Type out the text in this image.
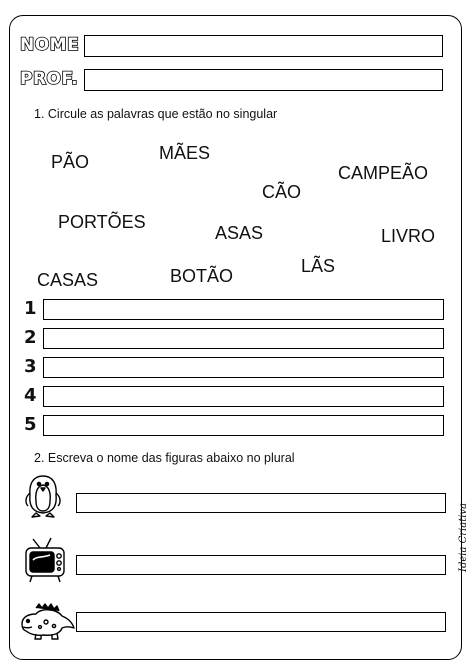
NOME
PROF.
1. Circule as palavras que estão no singular
PÃO	MÃES
CAMPEÃO
CÃO
PORTÕES
ASAS	LIVRO
LÃS
CASAS	BOTÃO
1
2
3
4
5
2. Escreva o nome das figuras abaixo no plural
Ideia Criativa
